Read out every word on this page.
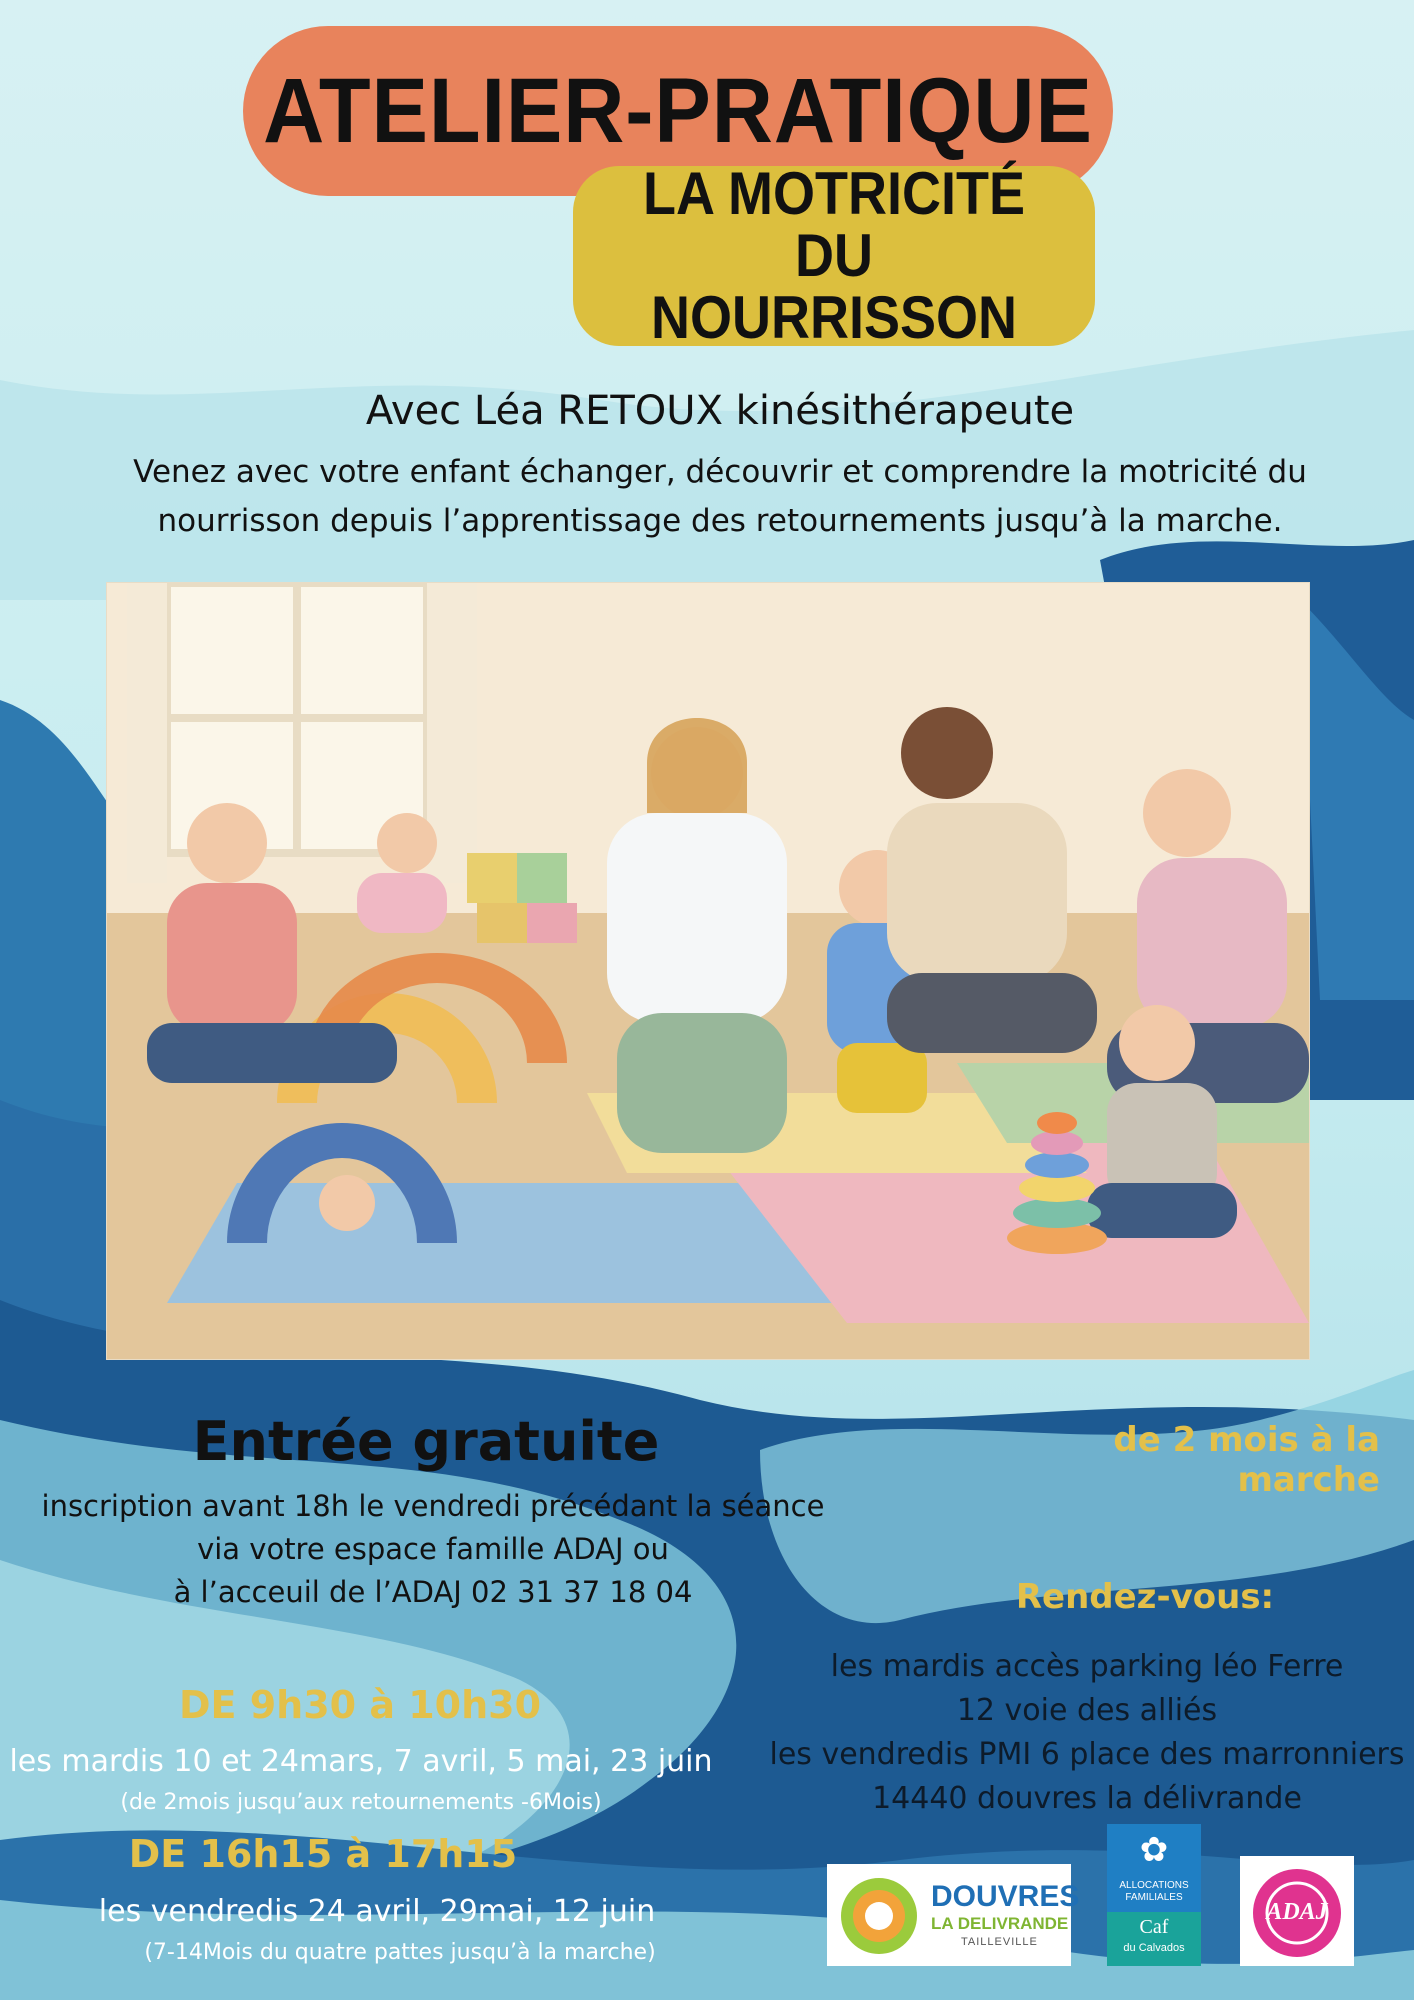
ATELIER-PRATIQUE
LA MOTRICITÉ DU
NOURRISSON
Avec Léa RETOUX kinésithérapeute
Venez avec votre enfant échanger, découvrir et comprendre la motricité du
nourrisson depuis l’apprentissage des retournements jusqu’à la marche.
Entrée gratuite
inscription avant 18h le vendredi précédant la séance
via votre espace famille ADAJ ou
à l’acceuil de l’ADAJ 02 31 37 18 04
de 2 mois à la marche
DE 9h30 à 10h30
les mardis 10 et 24mars, 7 avril, 5 mai, 23 juin
(de 2mois jusqu’aux retournements -6Mois)
DE 16h15 à 17h15
les vendredis 24 avril, 29mai, 12 juin
(7-14Mois du quatre pattes jusqu’à la marche)
Rendez-vous:
les mardis accès parking léo Ferre
12 voie des alliés
les vendredis PMI 6 place des marronniers
14440 douvres la délivrande
DOUVRES
LA DELIVRANDE
TAILLEVILLE
✿
ALLOCATIONS
FAMILIALES
Caf
du Calvados
ADAJ
